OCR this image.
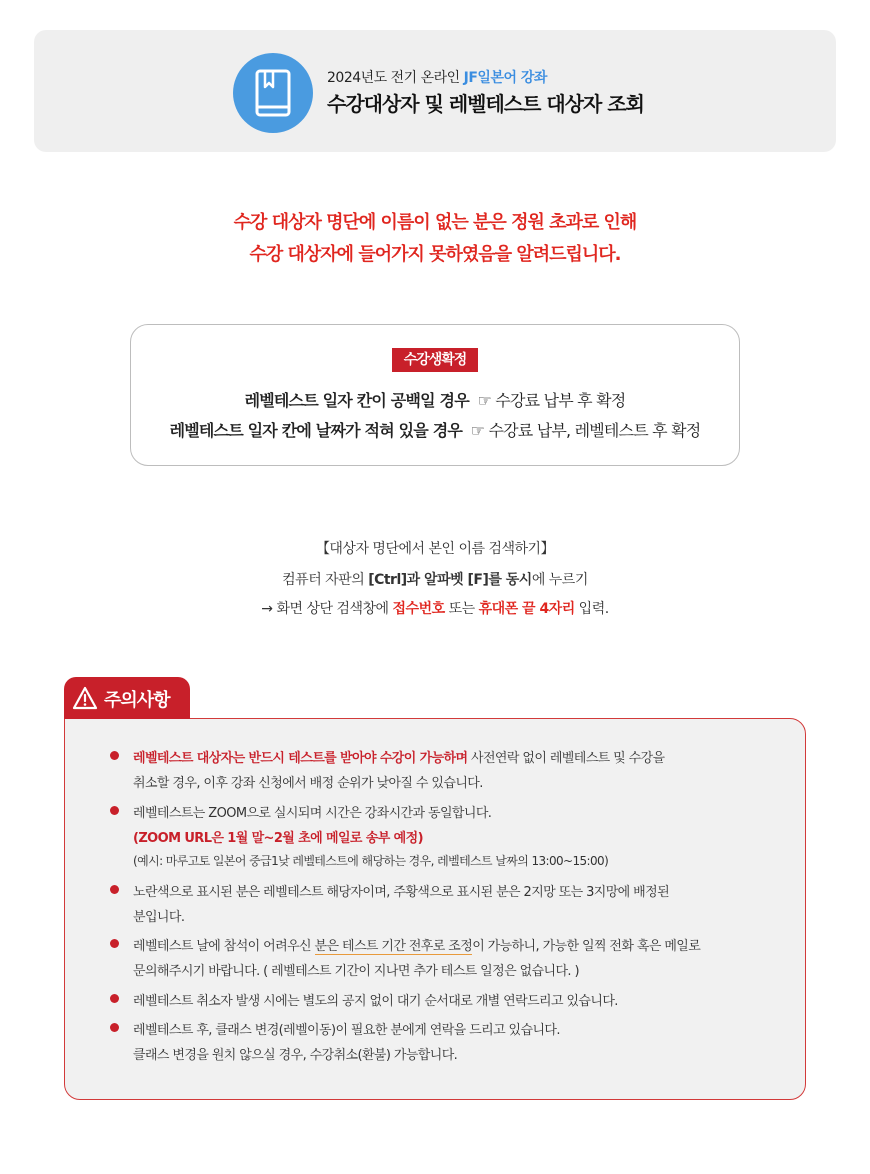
2024년도 전기 온라인 JF일본어 강좌
수강대상자 및 레벨테스트 대상자 조회
수강 대상자 명단에 이름이 없는 분은 정원 초과로 인해
수강 대상자에 들어가지 못하였음을 알려드립니다.
수강생확정
레벨테스트 일자 칸이 공백일 경우 ☞ 수강료 납부 후 확정
레벨테스트 일자 칸에 날짜가 적혀 있을 경우 ☞ 수강료 납부, 레벨테스트 후 확정
【대상자 명단에서 본인 이름 검색하기】
컴퓨터 자판의 [Ctrl]과 알파벳 [F]를 동시에 누르기
→ 화면 상단 검색창에 접수번호 또는 휴대폰 끝 4자리 입력.
주의사항
레벨테스트 대상자는 반드시 테스트를 받아야 수강이 가능하며 사전연락 없이 레벨테스트 및 수강을
취소할 경우, 이후 강좌 신청에서 배정 순위가 낮아질 수 있습니다.
레벨테스트는 ZOOM으로 실시되며 시간은 강좌시간과 동일합니다.
(ZOOM URL은 1월 말~2월 초에 메일로 송부 예정)
(예시: 마루고토 일본어 중급1낮 레벨테스트에 해당하는 경우, 레벨테스트 날짜의 13:00~15:00)
노란색으로 표시된 분은 레벨테스트 해당자이며, 주황색으로 표시된 분은 2지망 또는 3지망에 배정된
분입니다.
레벨테스트 날에 참석이 어려우신 분은 테스트 기간 전후로 조정이 가능하니, 가능한 일찍 전화 혹은 메일로
문의해주시기 바랍니다. ( 레벨테스트 기간이 지나면 추가 테스트 일정은 없습니다. )
레벨테스트 취소자 발생 시에는 별도의 공지 없이 대기 순서대로 개별 연락드리고 있습니다.
레벨테스트 후, 클래스 변경(레벨이동)이 필요한 분에게 연락을 드리고 있습니다.
클래스 변경을 원치 않으실 경우, 수강취소(환불) 가능합니다.
